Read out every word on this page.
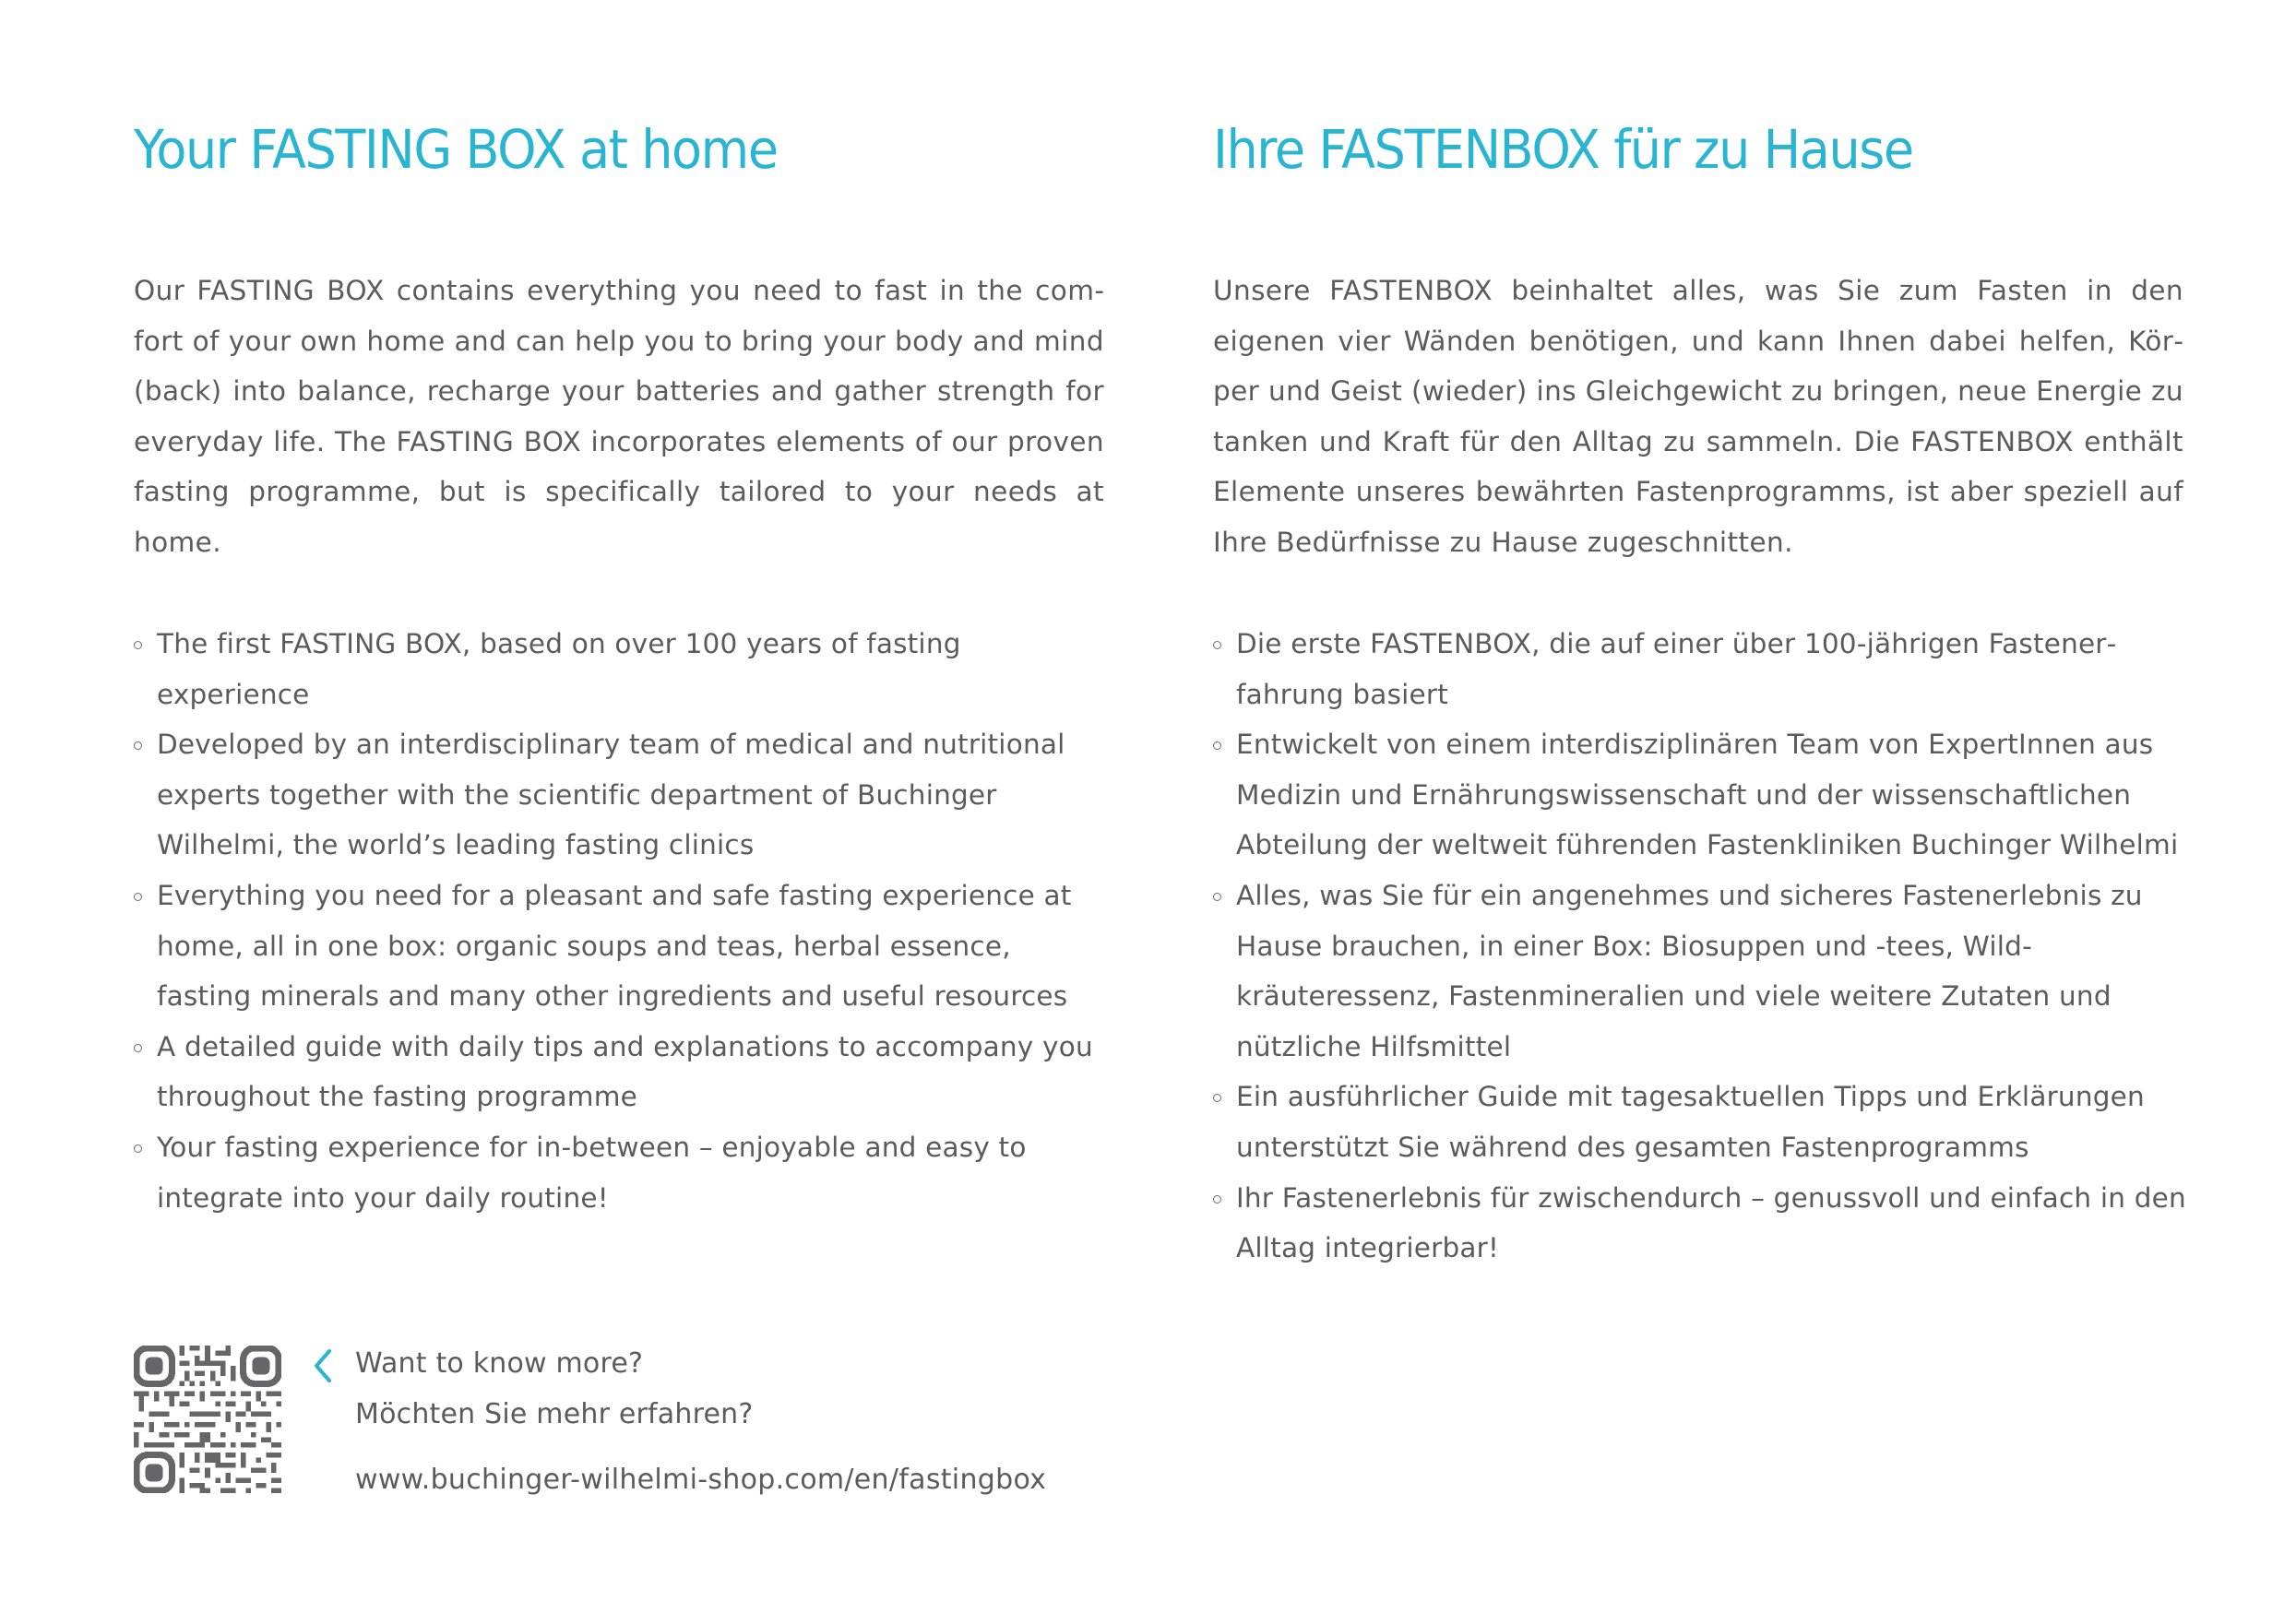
Your FASTING BOX at home

Our FASTING BOX contains everything you need to fast in the comfort of your own home and can help you to bring your body and mind (back) into balance, recharge your batteries and gather strength for everyday life. The FASTING BOX incorporates elements of our proven fasting programme, but is specifically tailored to your needs at home.

The first FASTING BOX, based on over 100 years of fasting experience
Developed by an interdisciplinary team of medical and nutritional experts together with the scientific department of Buchinger Wilhelmi, the world’s leading fasting clinics
Everything you need for a pleasant and safe fasting experience at home, all in one box: organic soups and teas, herbal essence, fasting minerals and many other ingredients and useful resources
A detailed guide with daily tips and explanations to accompany you throughout the fasting programme
Your fasting experience for in-between – enjoyable and easy to integrate into your daily routine!
Want to know more?
Möchten Sie mehr erfahren?
www.buchinger-wilhelmi-shop.com/en/fastingbox
Ihre FASTENBOX für zu Hause

Unsere FASTENBOX beinhaltet alles, was Sie zum Fasten in den eigenen vier Wänden benötigen, und kann Ihnen dabei helfen, Körper und Geist (wieder) ins Gleichgewicht zu bringen, neue Energie zu tanken und Kraft für den Alltag zu sammeln. Die FASTENBOX enthält Elemente unseres bewährten Fastenprogramms, ist aber speziell auf Ihre Bedürfnisse zu Hause zugeschnitten.

Die erste FASTENBOX, die auf einer über 100-jährigen Fastenerfahrung basiert
Entwickelt von einem interdisziplinären Team von ExpertInnen aus Medizin und Ernährungswissenschaft und der wissenschaftlichen Abteilung der weltweit führenden Fastenkliniken Buchinger Wilhelmi
Alles, was Sie für ein angenehmes und sicheres Fastenerlebnis zu Hause brauchen, in einer Box: Biosuppen und -tees, Wildkräuteressenz, Fastenmineralien und viele weitere Zutaten und nützliche Hilfsmittel
Ein ausführlicher Guide mit tagesaktuellen Tipps und Erklärungen unterstützt Sie während des gesamten Fastenprogramms
Ihr Fastenerlebnis für zwischendurch – genussvoll und einfach in den Alltag integrierbar!
